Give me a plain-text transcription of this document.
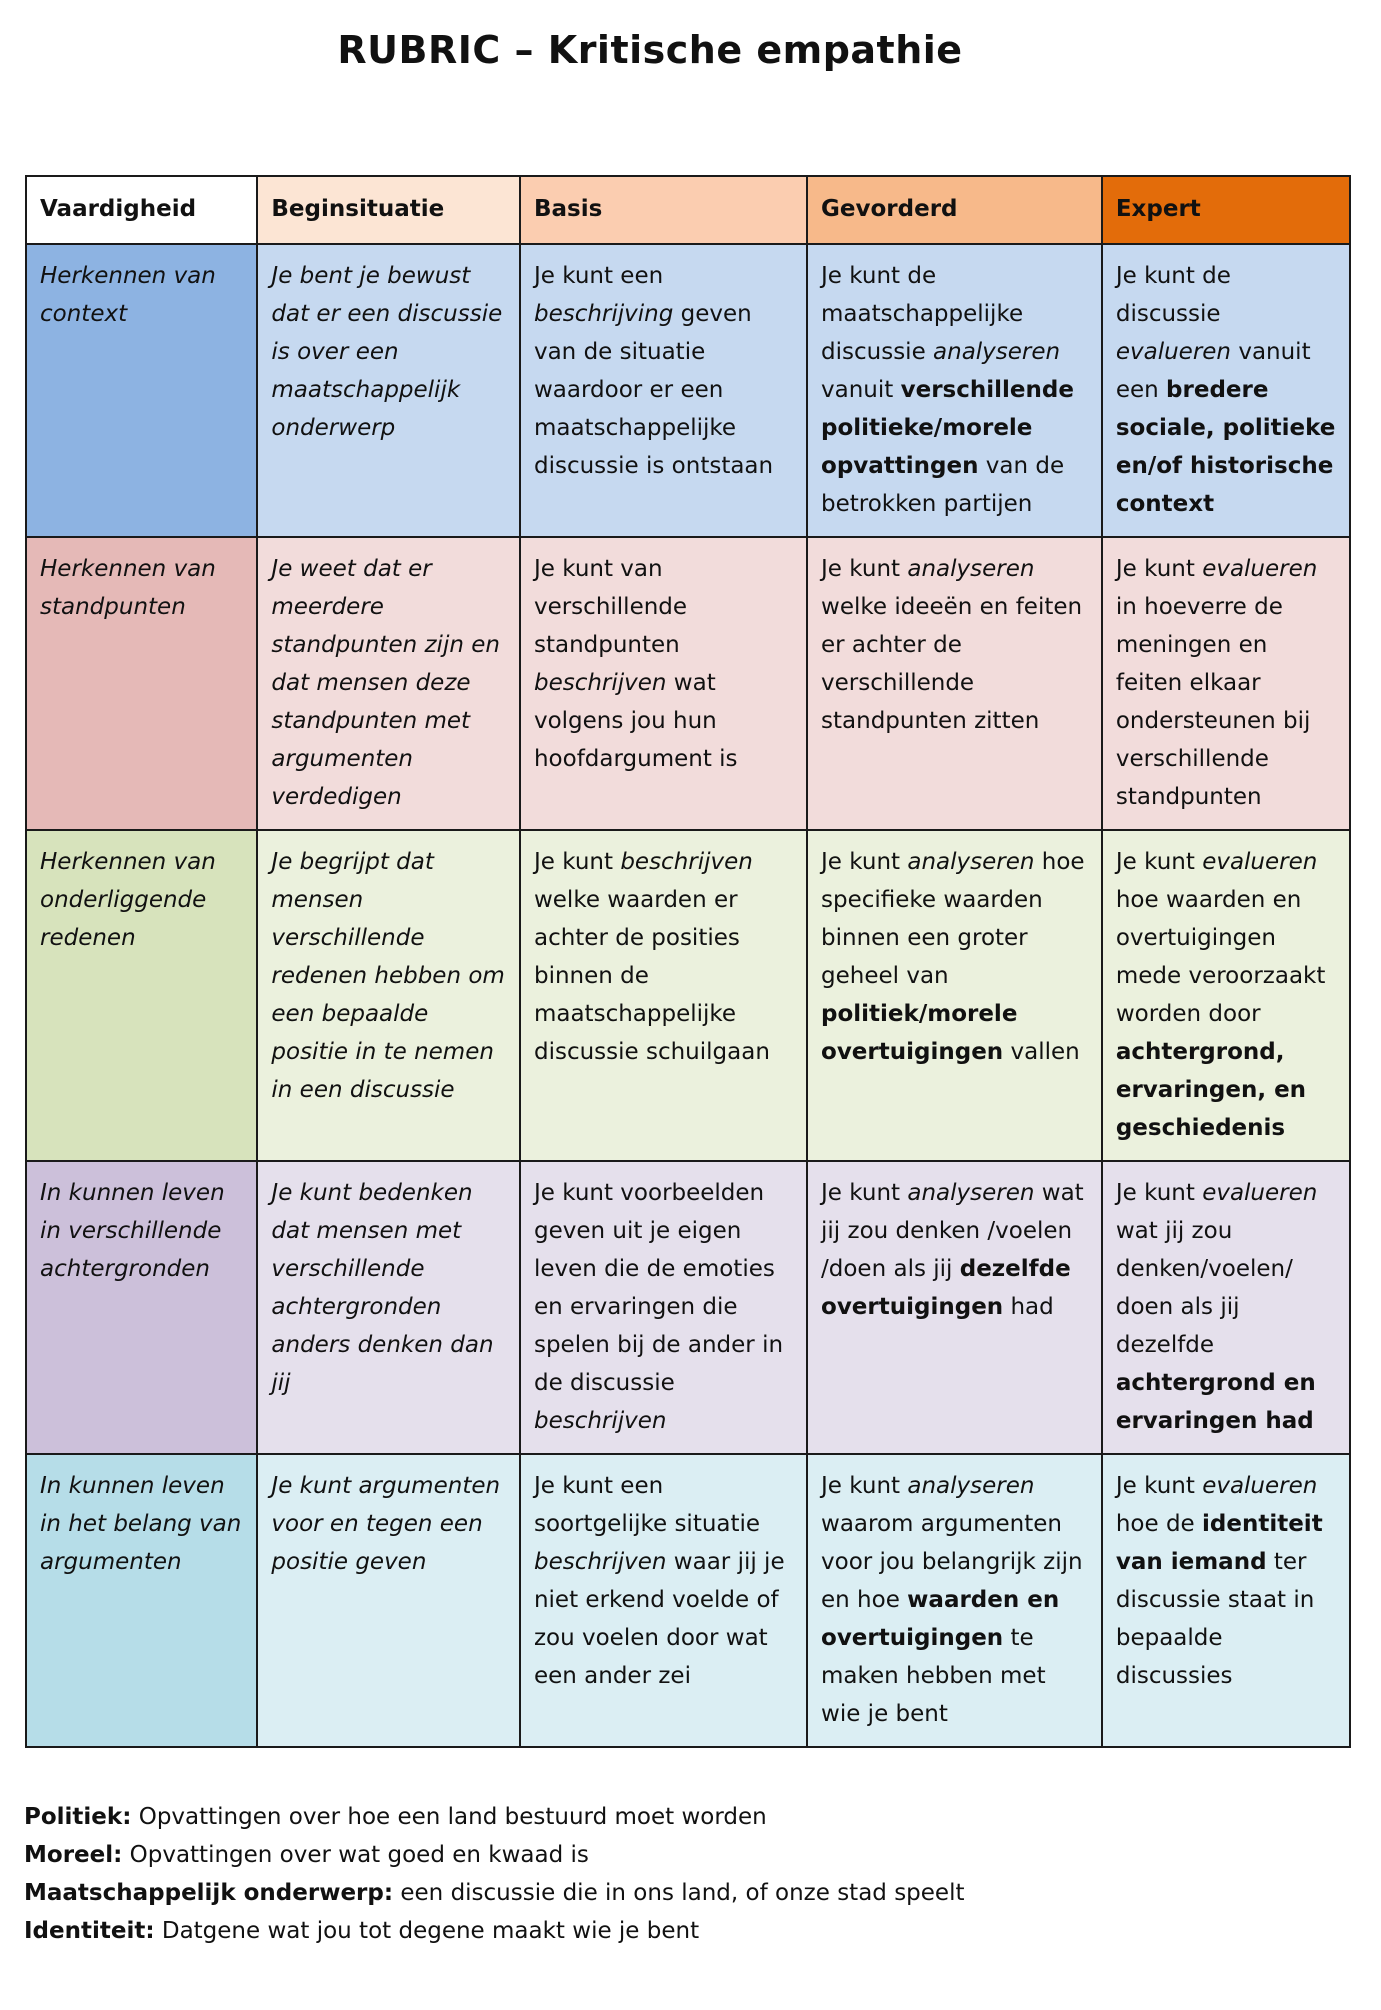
RUBRIC – Kritische empathie
Vaardigheid	Beginsituatie	Basis	Gevorderd	Expert
Herkennen van context	Je bent je bewust dat er een discussie is over een maatschappelijk onderwerp	Je kunt een beschrijving geven van de situatie waardoor er een maatschappelijke discussie is ontstaan	Je kunt de maatschappelijke discussie analyseren vanuit verschillende politieke/morele opvattingen van de betrokken partijen	Je kunt de discussie evalueren vanuit een bredere sociale, politieke en/of historische context
Herkennen van standpunten	Je weet dat er meerdere standpunten zijn en dat mensen deze standpunten met argumenten verdedigen	Je kunt van verschillende standpunten beschrijven wat volgens jou hun hoofdargument is	Je kunt analyseren welke ideeën en feiten er achter de verschillende standpunten zitten	Je kunt evalueren in hoeverre de meningen en feiten elkaar ondersteunen bij verschillende standpunten
Herkennen van onderliggende redenen	Je begrijpt dat mensen verschillende redenen hebben om een bepaalde positie in te nemen in een discussie	Je kunt beschrijven welke waarden er achter de posities binnen de maatschappelijke discussie schuilgaan	Je kunt analyseren hoe specifieke waarden binnen een groter geheel van politiek/morele overtuigingen vallen	Je kunt evalueren hoe waarden en overtuigingen mede veroorzaakt worden door achtergrond, ervaringen, en geschiedenis
In kunnen leven in verschillende achtergronden	Je kunt bedenken dat mensen met verschillende achtergronden anders denken dan jij	Je kunt voorbeelden geven uit je eigen leven die de emoties en ervaringen die spelen bij de ander in de discussie beschrijven	Je kunt analyseren wat jij zou denken /voelen /doen als jij dezelfde overtuigingen had	Je kunt evalueren wat jij zou denken/voelen/ doen als jij dezelfde achtergrond en ervaringen had
In kunnen leven in het belang van argumenten	Je kunt argumenten voor en tegen een positie geven	Je kunt een soortgelijke situatie beschrijven waar jij je niet erkend voelde of zou voelen door wat een ander zei	Je kunt analyseren waarom argumenten voor jou belangrijk zijn en hoe waarden en overtuigingen te maken hebben met wie je bent	Je kunt evalueren hoe de identiteit van iemand ter discussie staat in bepaalde discussies
Politiek: Opvattingen over hoe een land bestuurd moet worden
Moreel: Opvattingen over wat goed en kwaad is
Maatschappelijk onderwerp: een discussie die in ons land, of onze stad speelt
Identiteit: Datgene wat jou tot degene maakt wie je bent
